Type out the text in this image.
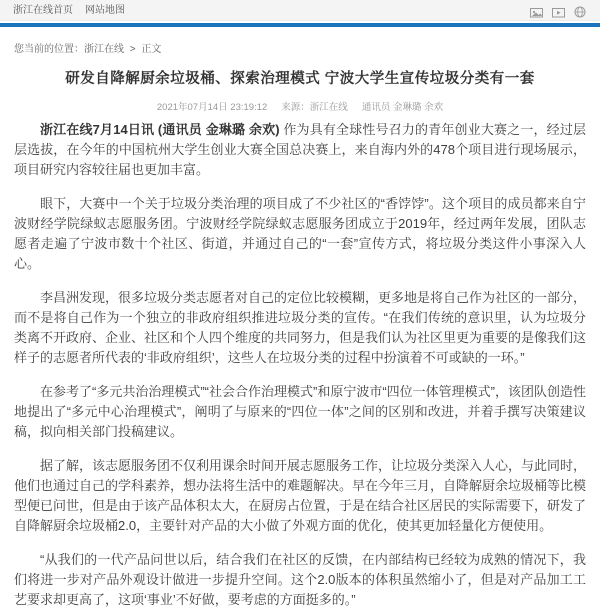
浙江在线首页 网站地图
您当前的位置：浙江在线 > 正文
研发自降解厨余垃圾桶、探索治理模式 宁波大学生宣传垃圾分类有一套
2021年07月14日 23:19:12 来源：浙江在线 通讯员 金琳璐 余欢

浙江在线7月14日讯 (通讯员 金琳璐 余欢) 作为具有全球性号召力的青年创业大赛之一，经过层层选拔，在今年的中国杭州大学生创业大赛全国总决赛上，来自海内外的478个项目进行现场展示，项目研究内容较往届也更加丰富。

眼下，大赛中一个关于垃圾分类治理的项目成了不少社区的“香饽饽”。这个项目的成员都来自宁波财经学院绿蚁志愿服务团。宁波财经学院绿蚁志愿服务团成立于2019年，经过两年发展，团队志愿者走遍了宁波市数十个社区、街道，并通过自己的“一套”宣传方式，将垃圾分类这件小事深入人心。

李昌洲发现，很多垃圾分类志愿者对自己的定位比较模糊，更多地是将自己作为社区的一部分，而不是将自己作为一个独立的非政府组织推进垃圾分类的宣传。“在我们传统的意识里，认为垃圾分类离不开政府、企业、社区和个人四个维度的共同努力，但是我们认为社区里更为重要的是像我们这样子的志愿者所代表的‘非政府组织’，这些人在垃圾分类的过程中扮演着不可或缺的一环。”

在参考了“多元共治治理模式”“社会合作治理模式”和原宁波市“四位一体管理模式”，该团队创造性地提出了“多元中心治理模式”，阐明了与原来的“四位一体”之间的区别和改进，并着手撰写决策建议稿，拟向相关部门投稿建议。

据了解，该志愿服务团不仅利用课余时间开展志愿服务工作，让垃圾分类深入人心，与此同时，他们也通过自己的学科素养，想办法将生活中的难题解决。早在今年三月，自降解厨余垃圾桶等比模型便已问世，但是由于该产品体积太大，在厨房占位置，于是在结合社区居民的实际需要下，研发了自降解厨余垃圾桶2.0，主要针对产品的大小做了外观方面的优化，使其更加轻量化方便使用。

“从我们的一代产品问世以后，结合我们在社区的反馈，在内部结构已经较为成熟的情况下，我们将进一步对产品外观设计做进一步提升空间。这个2.0版本的体积虽然缩小了，但是对产品加工工艺要求却更高了，这项‘事业’不好做，要考虑的方面挺多的。”
